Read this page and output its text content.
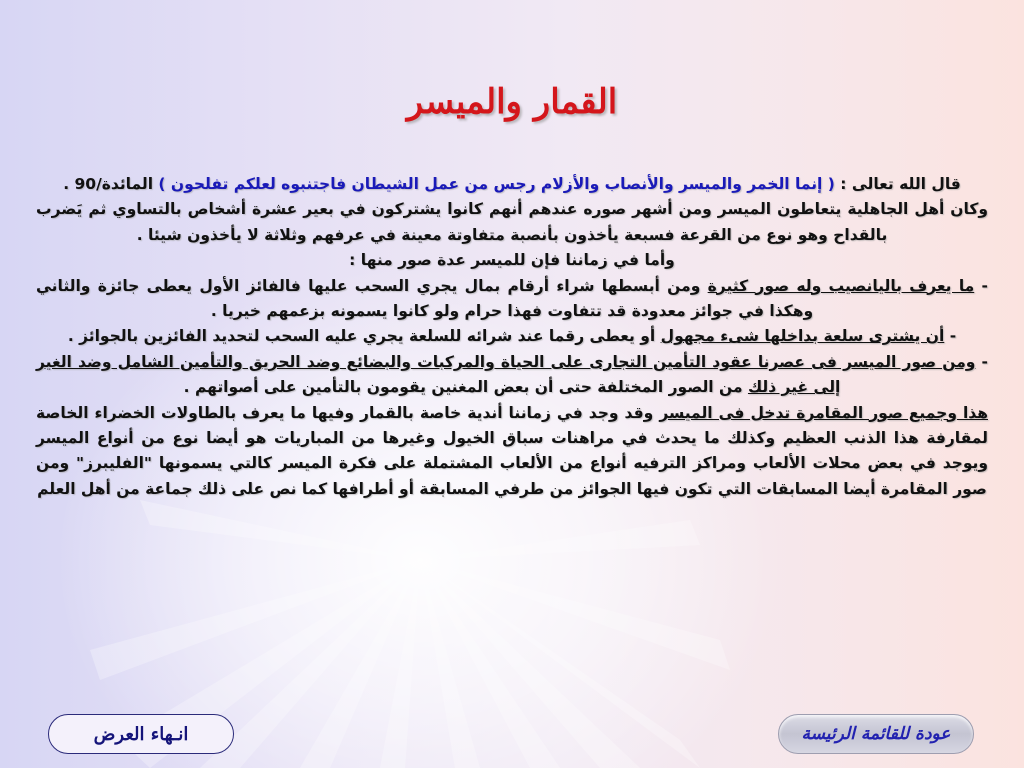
القمار والميسر

قال الله تعالى : ( إنما الخمر والميسر والأنصاب والأزلام رجس من عمل الشيطان فاجتنبوه لعلكم تفلحون ) المائدة/90 .

وكان أهل الجاهلية يتعاطون الميسر ومن أشهر صوره عندهم أنهم كانوا يشتركون في بعير عشرة أشخاص بالتساوي ثم يَضرب بالقداح وهو نوع من القرعة فسبعة يأخذون بأنصبة متفاوتة معينة في عرفهم وثلاثة لا يأخذون شيئا .

وأما في زماننا فإن للميسر عدة صور منها :

- ما يعرف باليانصيب وله صور كثيرة ومن أبسطها شراء أرقام بمال يجري السحب عليها فالفائز الأول يعطى جائزة والثاني وهكذا في جوائز معدودة قد تتفاوت فهذا حرام ولو كانوا يسمونه بزعمهم خيريا .

- أن يشترى سلعة بداخلها شىء مجهول أو يعطى رقما عند شرائه للسلعة يجري عليه السحب لتحديد الفائزين بالجوائز .

- ومن صور الميسر فى عصرنا عقود التأمين التجارى على الحياة والمركبات والبضائع وضد الحريق والتأمين الشامل وضد الغير إلى غير ذلك من الصور المختلفة حتى أن بعض المغنين يقومون بالتأمين على أصواتهم .

هذا وجميع صور المقامرة تدخل فى الميسر وقد وجد في زماننا أندية خاصة بالقمار وفيها ما يعرف بالطاولات الخضراء الخاصة لمقارفة هذا الذنب العظيم وكذلك ما يحدث في مراهنات سباق الخيول وغيرها من المباريات هو أيضا نوع من أنواع الميسر ويوجد في بعض محلات الألعاب ومراكز الترفيه أنواع من الألعاب المشتملة على فكرة الميسر كالتي يسمونها "الفليبرز" ومن صور المقامرة أيضا المسابقات التي تكون فيها الجوائز من طرفي المسابقة أو أطرافها كما نص على ذلك جماعة من أهل العلم

انـهاء العرض	عودة للقائمة الرئيسة
